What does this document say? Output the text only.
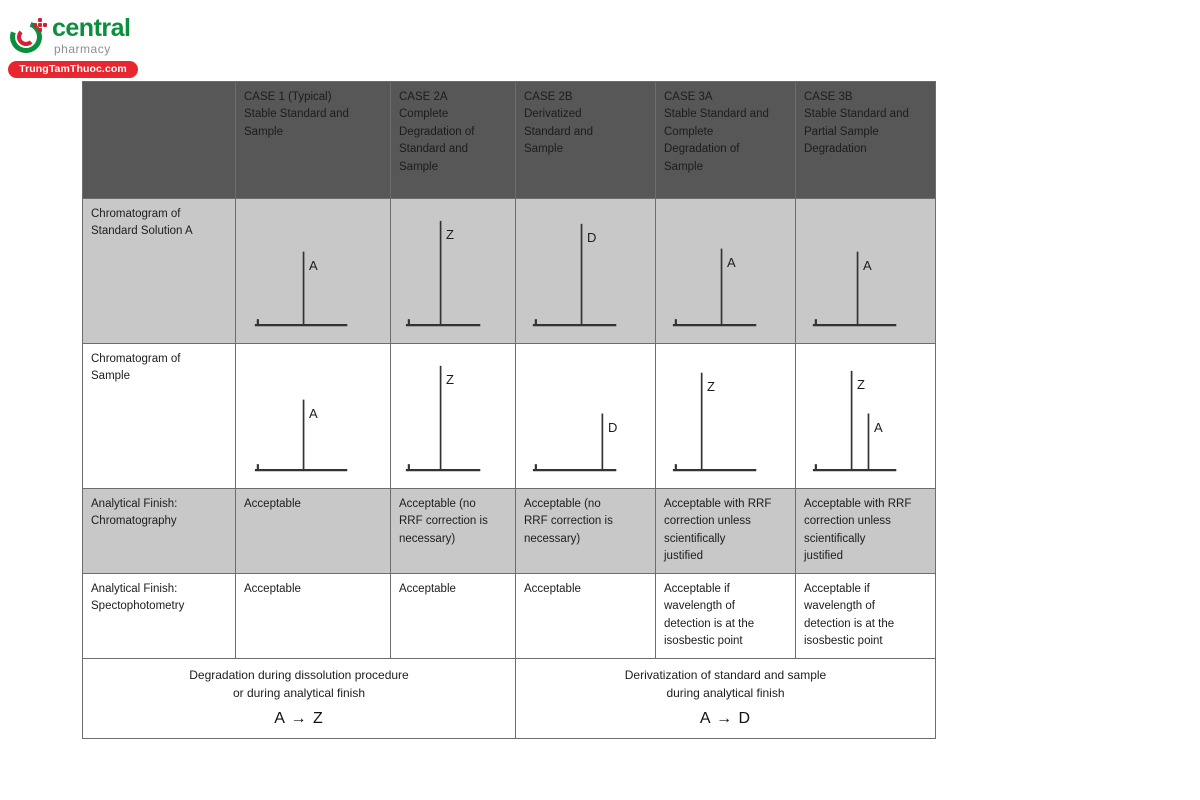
central pharmacy
TrungTamThuoc.com

	CASE 1 (Typical)
Stable Standard and
Sample	CASE 2A
Complete
Degradation of
Standard and
Sample	CASE 2B
Derivatized
Standard and
Sample	CASE 3A
Stable Standard and
Complete
Degradation of
Sample	CASE 3B
Stable Standard and
Partial Sample
Degradation

Chromatogram of
Standard Solution A	A	Z	D	A	A

Chromatogram of
Sample	A	Z	D	Z	Z
A

Analytical Finish:
Chromatography	Acceptable	Acceptable (no
RRF correction is
necessary)	Acceptable (no
RRF correction is
necessary)	Acceptable with RRF
correction unless
scientifically
justified	Acceptable with RRF
correction unless
scientifically
justified

Analytical Finish:
Spectophotometry	Acceptable	Acceptable	Acceptable	Acceptable if
wavelength of
detection is at the
isosbestic point	Acceptable if
wavelength of
detection is at the
isosbestic point

Degradation during dissolution procedure
or during analytical finish
A → Z

Derivatization of standard and sample
during analytical finish
A → D
